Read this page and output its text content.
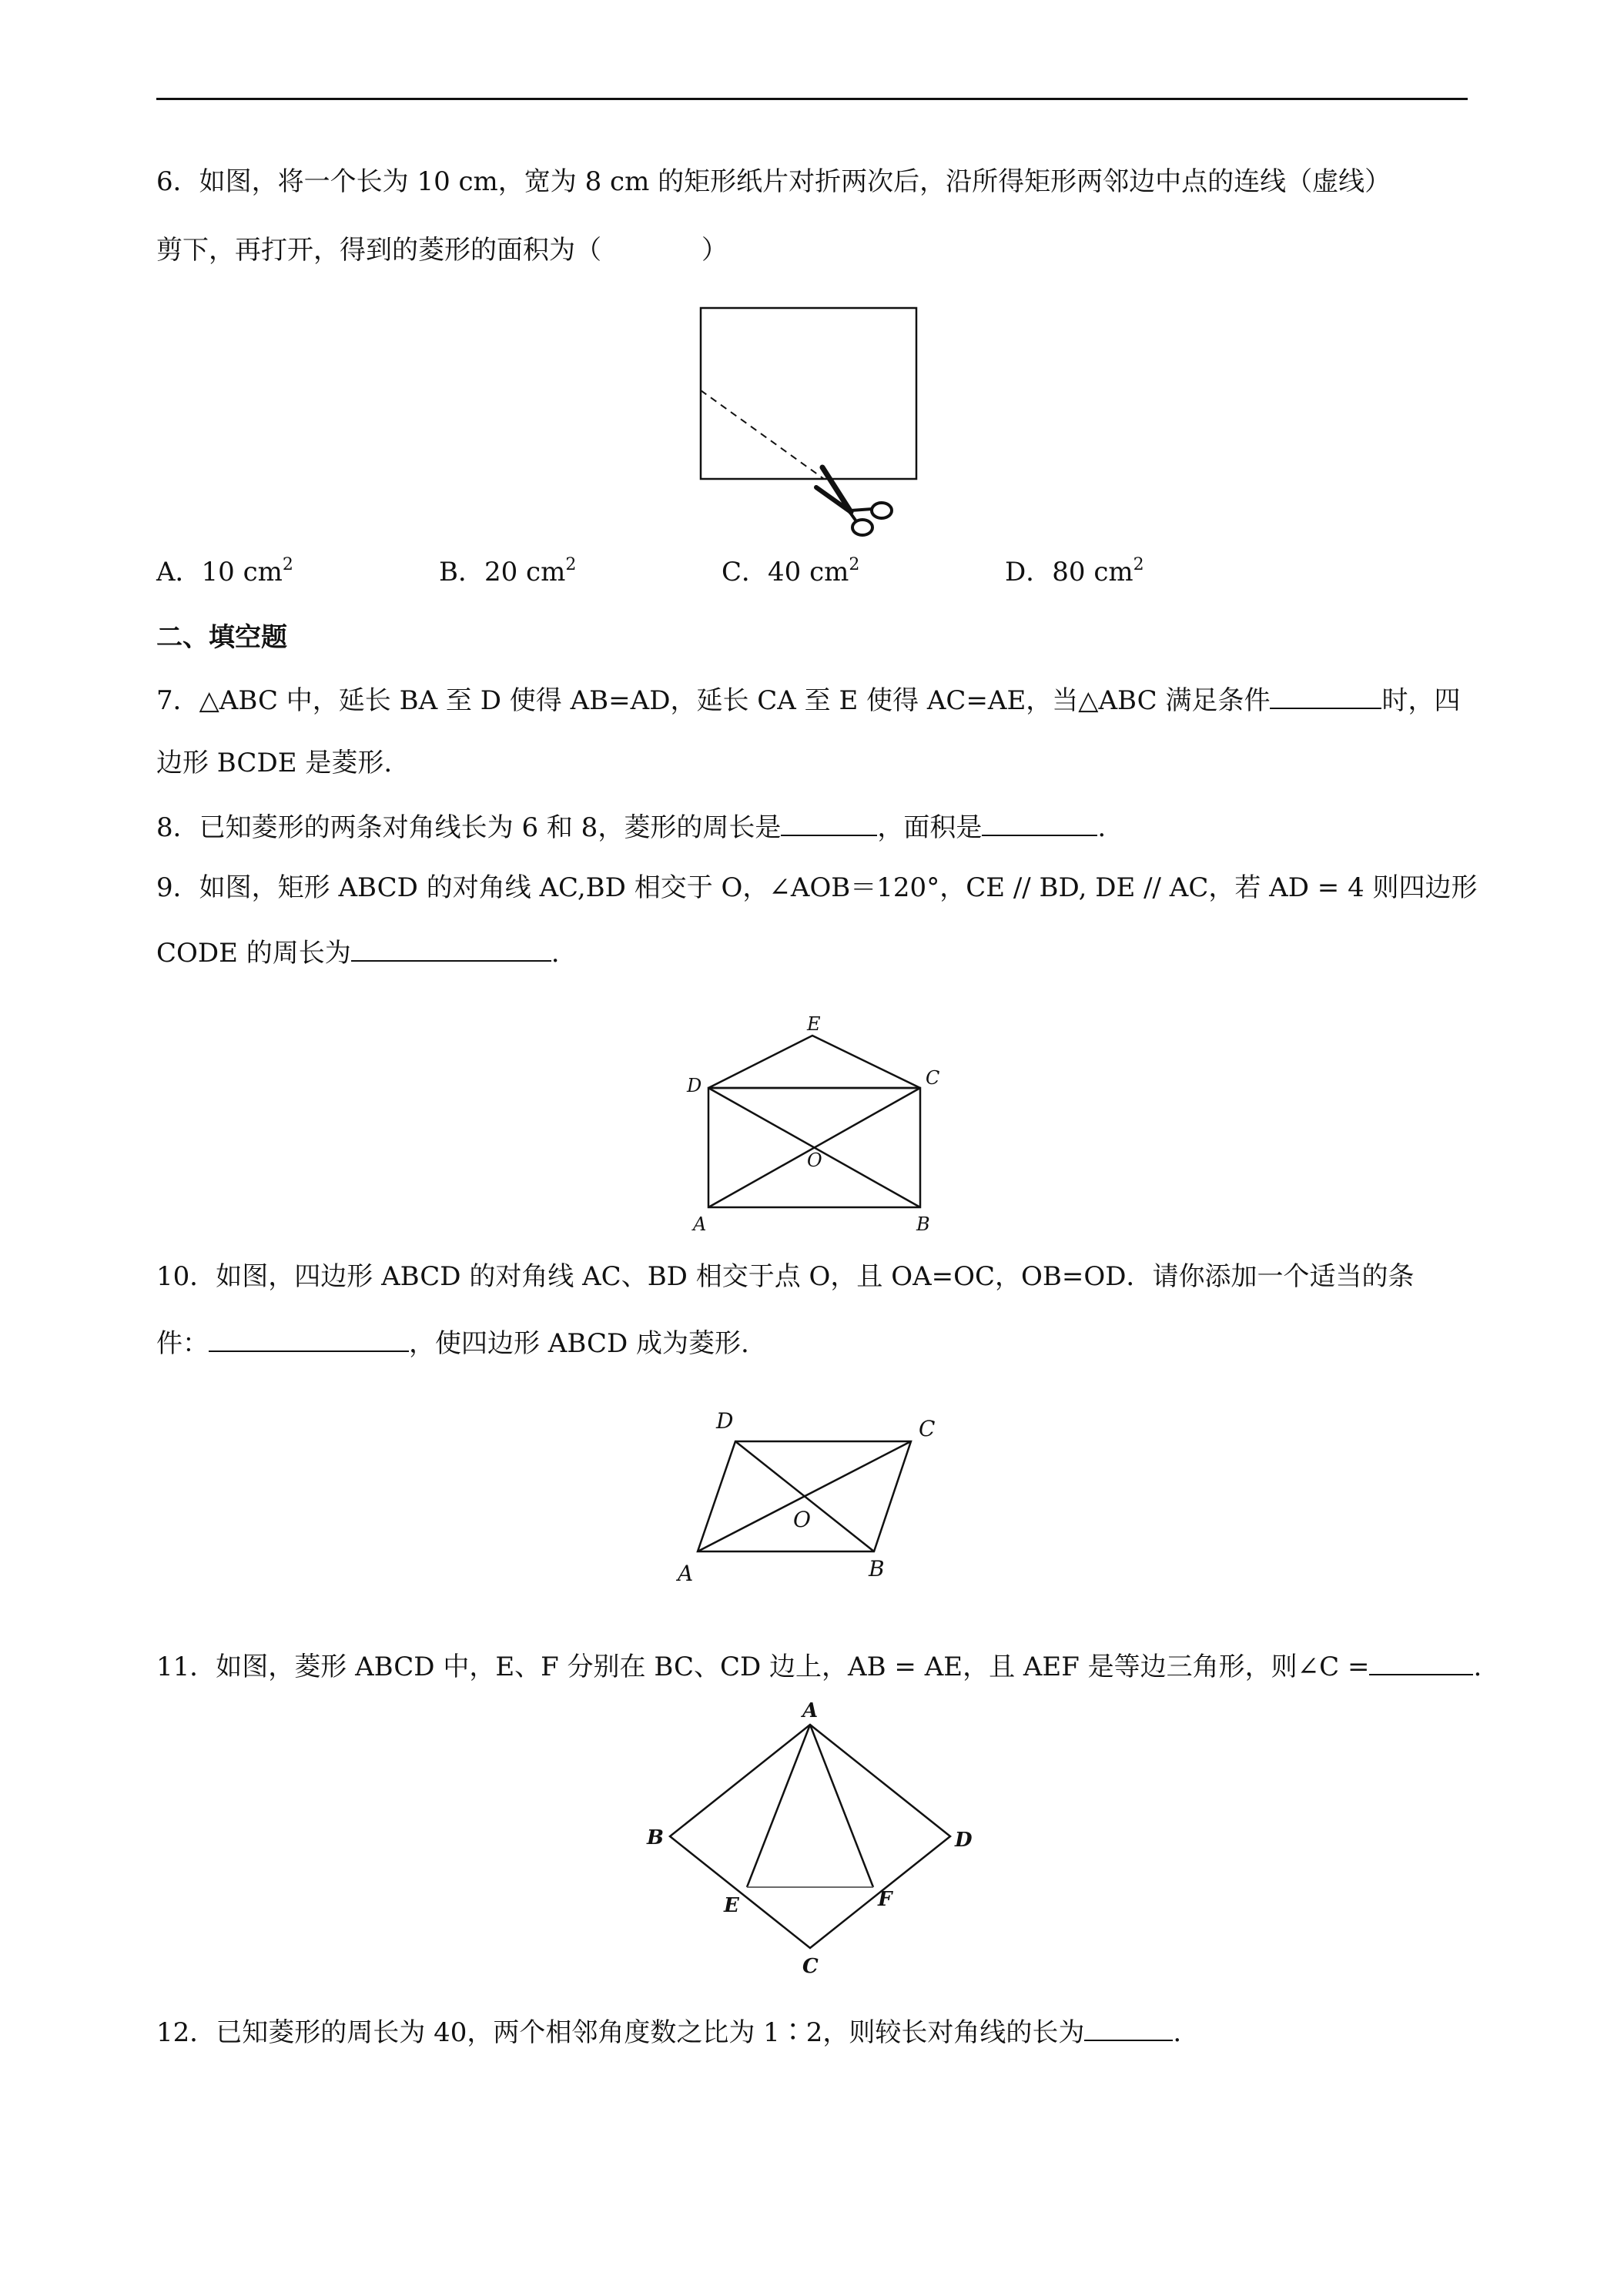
6．如图，将一个长为 10 cm，宽为 8 cm 的矩形纸片对折两次后，沿所得矩形两邻边中点的连线（虚线）
剪下，再打开，得到的菱形的面积为（	）
A．10 $cm^2$	B．20 $cm^2$	C．40 $cm^2$	D．80 $cm^2$
二、填空题
7．△ABC 中，延长 BA 至 D 使得 AB=AD，延长 CA 至 E 使得 AC=AE，当△ABC 满足条件	时，四
边形 BCDE 是菱形.
8．已知菱形的两条对角线长为 6 和 8，菱形的周长是	，面积是	.
9．如图，矩形 ABCD 的对角线 AC,BD 相交于 O，∠AOB＝120°，CE // BD, DE // AC，若 AD = 4 则四边形
CODE 的周长为	.
E
D	C
O
A	B
10．如图，四边形 ABCD 的对角线 AC、BD 相交于点 O，且 OA=OC，OB=OD．请你添加一个适当的条
件：	，使四边形 ABCD 成为菱形.
D	C
O
A	B
11．如图，菱形 ABCD 中，E、F 分别在 BC、CD 边上，AB = AE，且 AEF 是等边三角形，则∠C =	.
A
B	D
E	F
C
12．已知菱形的周长为 40，两个相邻角度数之比为 1∶2，则较长对角线的长为	.
